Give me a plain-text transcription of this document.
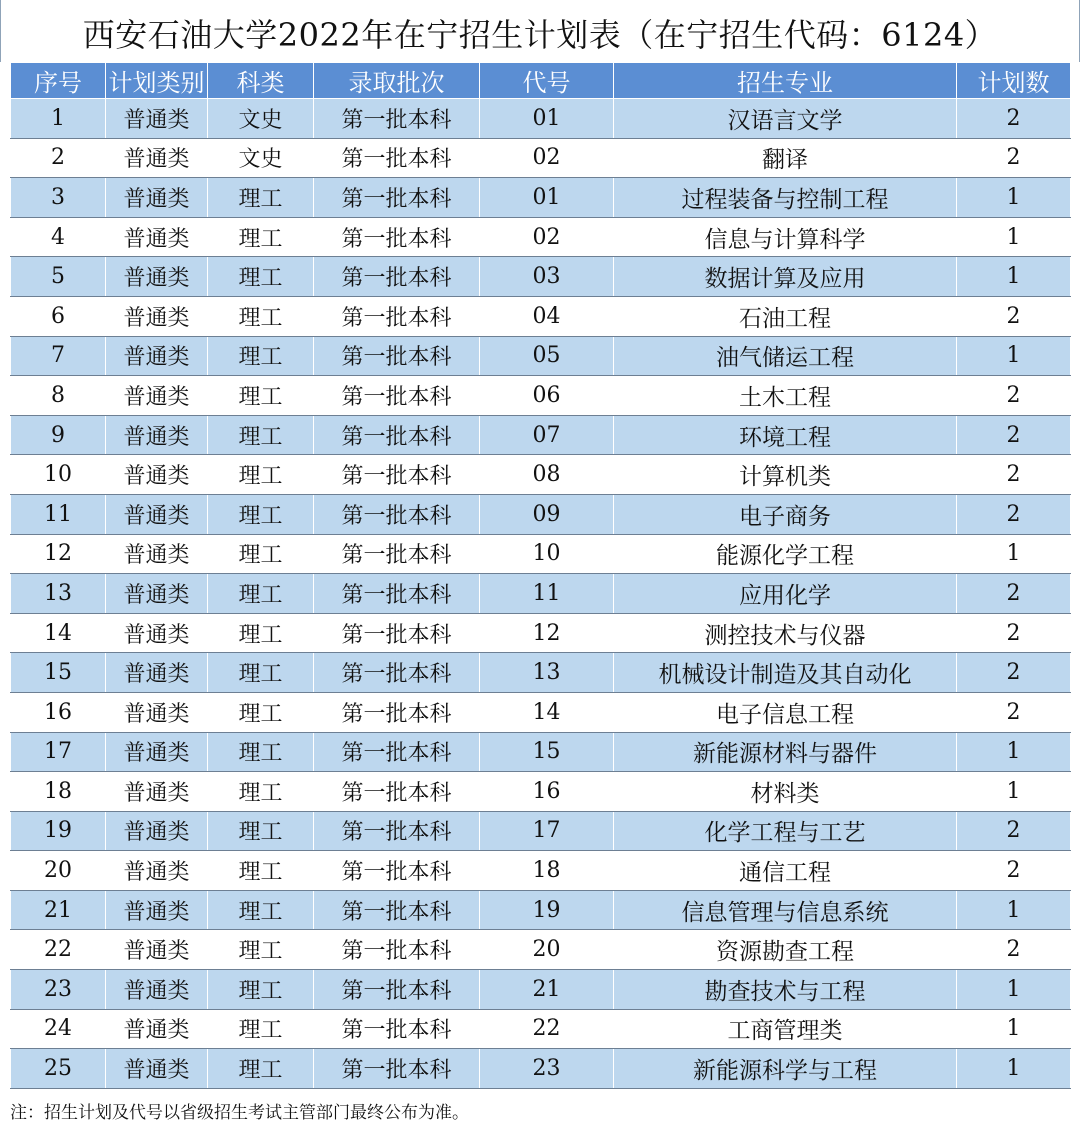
西安石油大学2022年在宁招生计划表（在宁招生代码：6124）
序号	计划类别	科类	录取批次	代号	招生专业	计划数
1	普通类	文史	第一批本科	01	汉语言文学	2
2	普通类	文史	第一批本科	02	翻译	2
3	普通类	理工	第一批本科	01	过程装备与控制工程	1
4	普通类	理工	第一批本科	02	信息与计算科学	1
5	普通类	理工	第一批本科	03	数据计算及应用	1
6	普通类	理工	第一批本科	04	石油工程	2
7	普通类	理工	第一批本科	05	油气储运工程	1
8	普通类	理工	第一批本科	06	土木工程	2
9	普通类	理工	第一批本科	07	环境工程	2
10	普通类	理工	第一批本科	08	计算机类	2
11	普通类	理工	第一批本科	09	电子商务	2
12	普通类	理工	第一批本科	10	能源化学工程	1
13	普通类	理工	第一批本科	11	应用化学	2
14	普通类	理工	第一批本科	12	测控技术与仪器	2
15	普通类	理工	第一批本科	13	机械设计制造及其自动化	2
16	普通类	理工	第一批本科	14	电子信息工程	2
17	普通类	理工	第一批本科	15	新能源材料与器件	1
18	普通类	理工	第一批本科	16	材料类	1
19	普通类	理工	第一批本科	17	化学工程与工艺	2
20	普通类	理工	第一批本科	18	通信工程	2
21	普通类	理工	第一批本科	19	信息管理与信息系统	1
22	普通类	理工	第一批本科	20	资源勘查工程	2
23	普通类	理工	第一批本科	21	勘查技术与工程	1
24	普通类	理工	第一批本科	22	工商管理类	1
25	普通类	理工	第一批本科	23	新能源科学与工程	1
注：招生计划及代号以省级招生考试主管部门最终公布为准。
